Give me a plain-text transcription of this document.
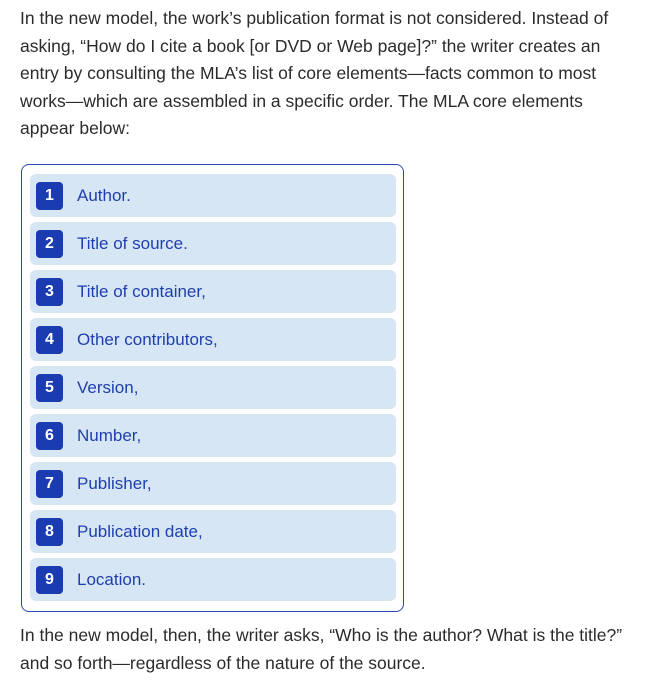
In the new model, the work’s publication format is not considered. Instead of asking, “How do I cite a book [or DVD or Web page]?” the writer creates an entry by consulting the MLA’s list of core elements—facts common to most works—which are assembled in a specific order. The MLA core elements appear below:

1	Author.
2	Title of source.
3	Title of container,
4	Other contributors,
5	Version,
6	Number,
7	Publisher,
8	Publication date,
9	Location.

In the new model, then, the writer asks, “Who is the author? What is the title?” and so forth—regardless of the nature of the source.
